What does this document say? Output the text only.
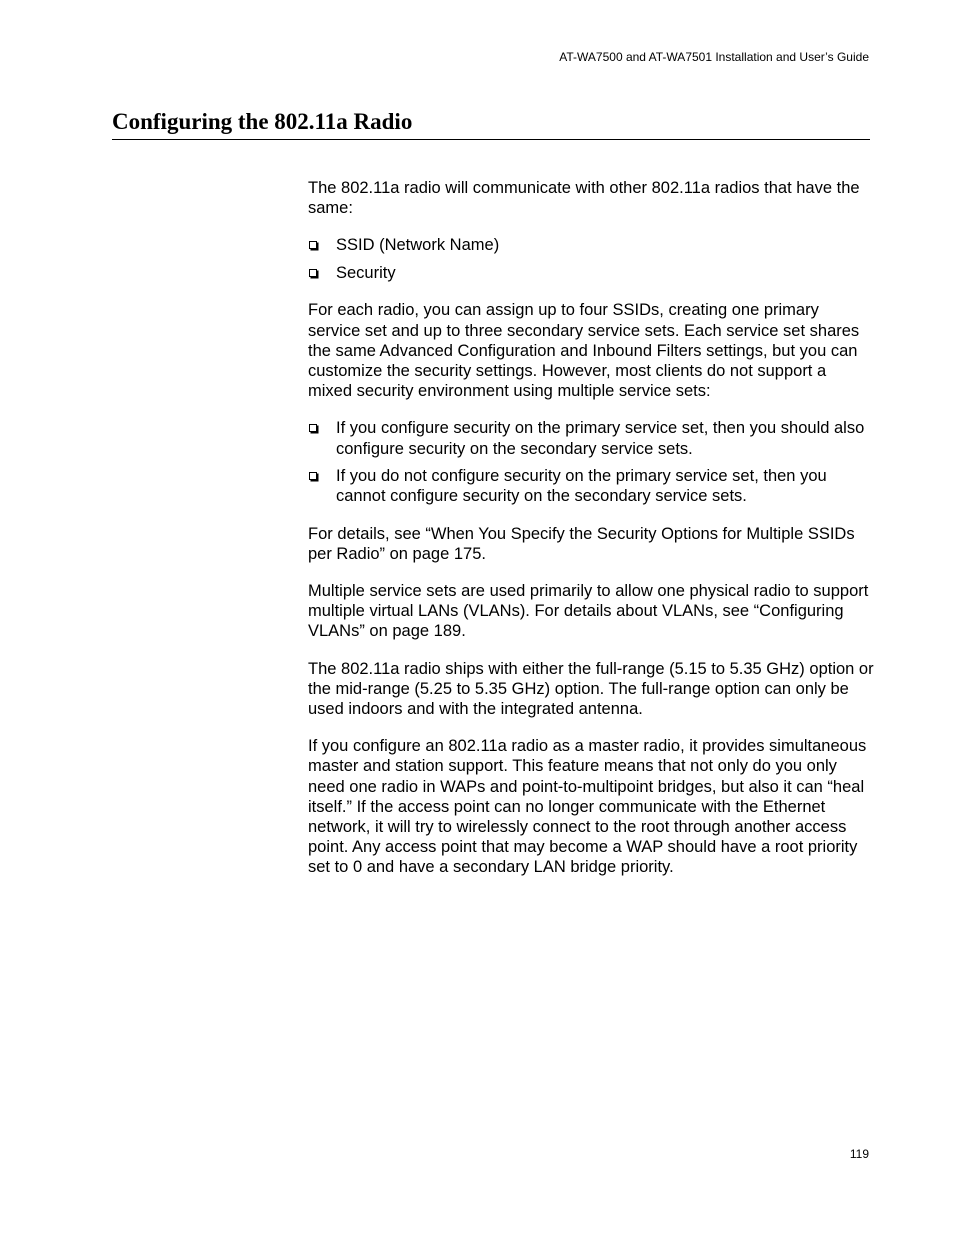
AT-WA7500 and AT-WA7501 Installation and User’s Guide
Configuring the 802.11a Radio

The 802.11a radio will communicate with other 802.11a radios that have the same:

SSID (Network Name)
Security

For each radio, you can assign up to four SSIDs, creating one primary service set and up to three secondary service sets. Each service set shares the same Advanced Configuration and Inbound Filters settings, but you can customize the security settings. However, most clients do not support a mixed security environment using multiple service sets:

If you configure security on the primary service set, then you should also configure security on the secondary service sets.
If you do not configure security on the primary service set, then you cannot configure security on the secondary service sets.

For details, see “When You Specify the Security Options for Multiple SSIDs per Radio” on page 175.

Multiple service sets are used primarily to allow one physical radio to support multiple virtual LANs (VLANs). For details about VLANs, see “Configuring VLANs” on page 189.

The 802.11a radio ships with either the full-range (5.15 to 5.35 GHz) option or the mid-range (5.25 to 5.35 GHz) option. The full-range option can only be used indoors and with the integrated antenna.

If you configure an 802.11a radio as a master radio, it provides simultaneous master and station support. This feature means that not only do you only need one radio in WAPs and point-to-multipoint bridges, but also it can “heal itself.” If the access point can no longer communicate with the Ethernet network, it will try to wirelessly connect to the root through another access point. Any access point that may become a WAP should have a root priority set to 0 and have a secondary LAN bridge priority.

119
